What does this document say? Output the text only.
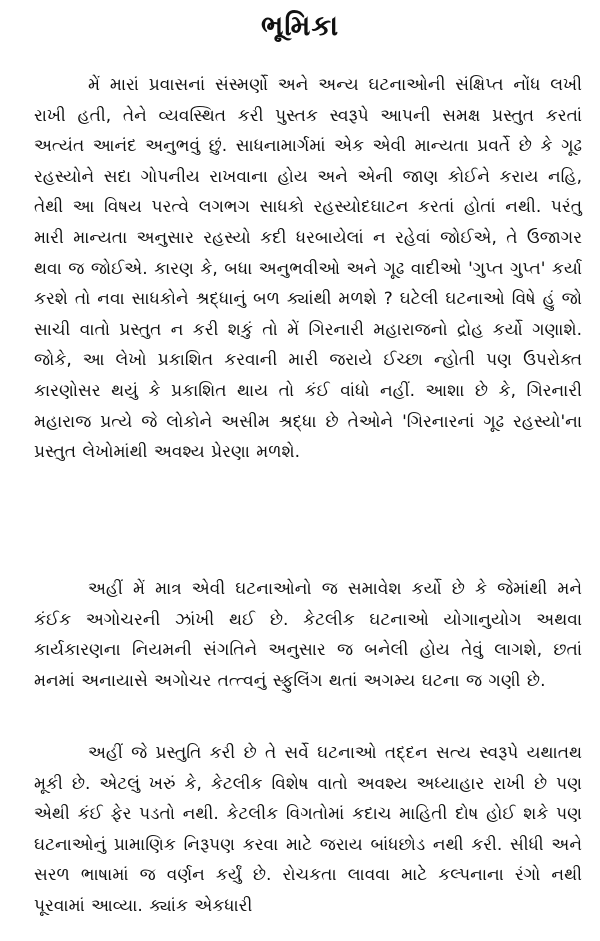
ભૂમિકા

મેં મારાં પ્રવાસનાં સંસ્મર્ણો અને અન્ય ઘટનાઓની સંક્ષિપ્ત નોંધ લખી રાખી હતી, તેને વ્યવસ્થિત કરી પુસ્તક સ્વરૂપે આપની સમક્ષ પ્રસ્તુત કરતાં અત્યંત આનંદ અનુભવું છું. સાધનામાર્ગમાં એક એવી માન્યતા પ્રવર્તે છે કે ગૂઢ રહસ્યોને સદા ગોપનીય રાખવાના હોય અને એની જાણ કોઈને કરાય નહિ, તેથી આ વિષય પરત્વે લગભગ સાધકો રહસ્યોદઘાટન કરતાં હોતાં નથી. પરંતુ મારી માન્યતા અનુસાર રહસ્યો કદી ધરબાયેલાં ન રહેવાં જોઈએ, તે ઉજાગર થવા જ જોઈએ. કારણ કે, બધા અનુભવીઓ અને ગૂઢ વાદીઓ 'ગુપ્ત ગુપ્ત' કર્યા કરશે તો નવા સાધકોને શ્રદ્ધાનું બળ ક્યાંથી મળશે ? ઘટેલી ઘટનાઓ વિષે હું જો સાચી વાતો પ્રસ્તુત ન કરી શકું તો મેં ગિરનારી મહારાજનો દ્રોહ કર્યો ગણાશે. જોકે, આ લેખો પ્રકાશિત કરવાની મારી જરાયે ઈચ્છા ન્હોતી પણ ઉપરોક્ત કારણોસર થયું કે પ્રકાશિત થાય તો કંઈ વાંધો નહીં. આશા છે કે, ગિરનારી મહારાજ પ્રત્યે જે લોકોને અસીમ શ્રદ્ધા છે તેઓને 'ગિરનારનાં ગૂઢ રહસ્યો'ના પ્રસ્તુત લેખોમાંથી અવશ્ય પ્રેરણા મળશે.

અહીં મેં માત્ર એવી ઘટનાઓનો જ સમાવેશ કર્યો છે કે જેમાંથી મને કંઈક અગોચરની ઝાંખી થઈ છે. કેટલીક ઘટનાઓ યોગાનુયોગ અથવા કાર્યકારણના નિયમની સંગતિને અનુસાર જ બનેલી હોય તેવું લાગશે, છતાં મનમાં અનાયાસે અગોચર તત્ત્વનું સ્ફુલિંગ થતાં અગમ્ય ઘટના જ ગણી છે.

અહીં જે પ્રસ્તુતિ કરી છે તે સર્વે ઘટનાઓ તદ્દન સત્ય સ્વરૂપે યથાતથ મૂકી છે. એટલું ખરું કે, કેટલીક વિશેષ વાતો અવશ્ય અધ્યાહાર રાખી છે પણ એથી કંઈ ફેર પડતો નથી. કેટલીક વિગતોમાં કદાચ માહિતી દોષ હોઈ શકે પણ ઘટનાઓનું પ્રામાણિક નિરૂપણ કરવા માટે જરાય બાંધછોડ નથી કરી. સીધી અને સરળ ભાષામાં જ વર્ણન કર્યું છે. રોચકતા લાવવા માટે કલ્પનાના રંગો નથી પૂરવામાં આવ્યા. ક્યાંક એકધારી
